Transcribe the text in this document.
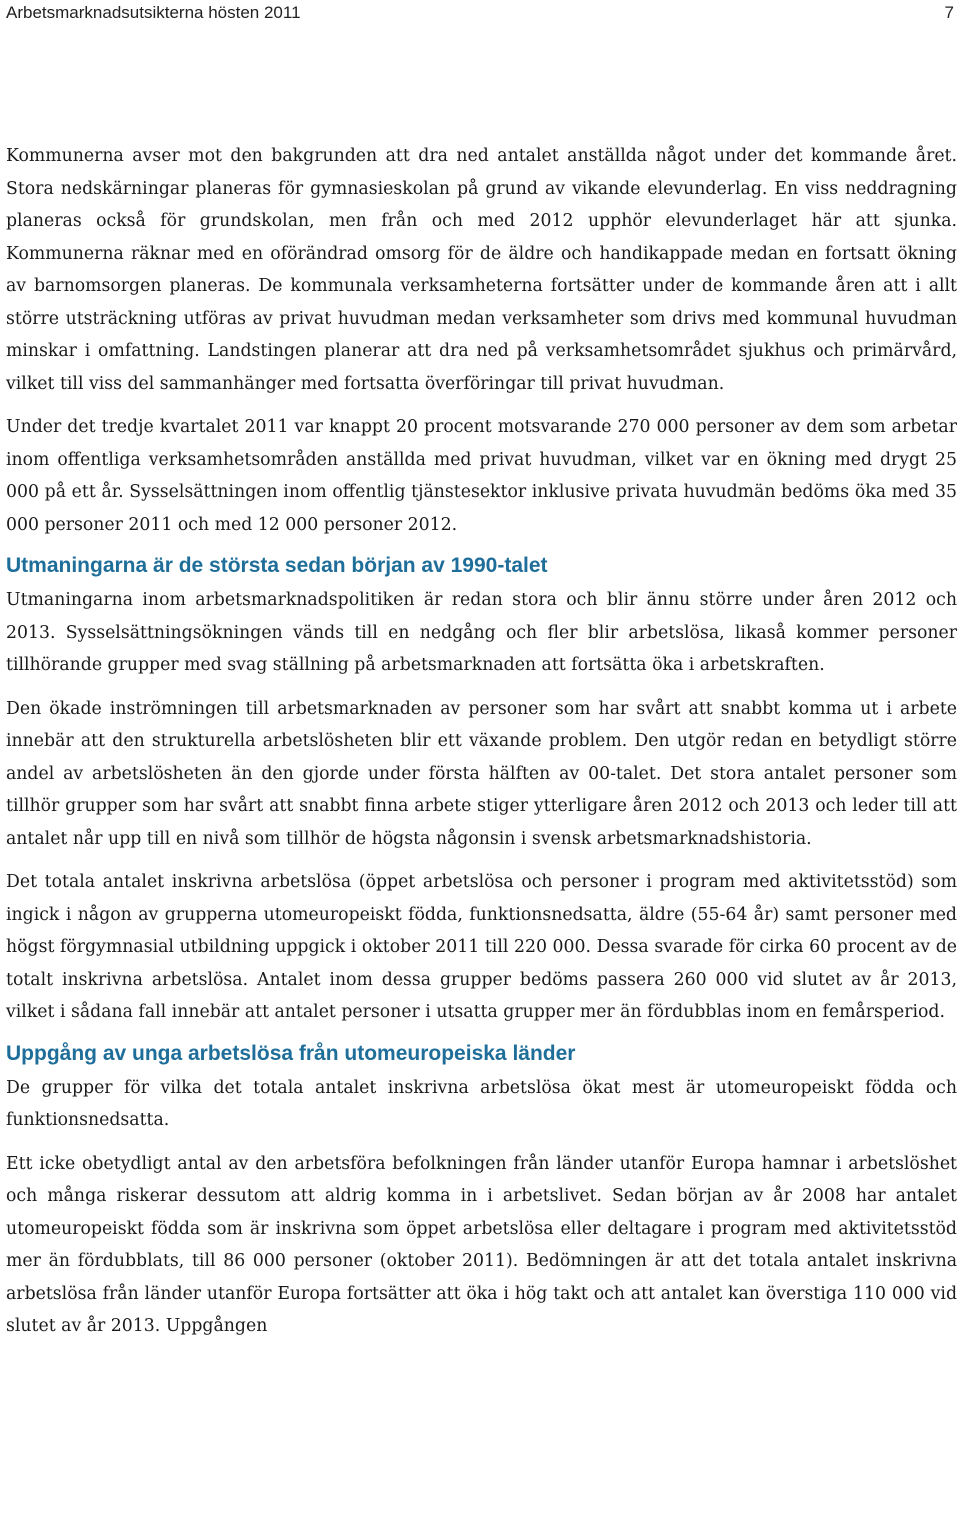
Arbetsmarknadsutsikterna hösten 2011	7

Kommunerna avser mot den bakgrunden att dra ned antalet anställda något under det kommande året. Stora nedskärningar planeras för gymnasieskolan på grund av vikande elevunderlag. En viss neddragning planeras också för grundskolan, men från och med 2012 upphör elevunderlaget här att sjunka. Kommunerna räknar med en oförändrad omsorg för de äldre och handikappade medan en fortsatt ökning av barnomsorgen planeras. De kommunala verksamheterna fortsätter under de kommande åren att i allt större utsträckning utföras av privat huvudman medan verksamheter som drivs med kommunal huvudman minskar i omfattning. Landstingen planerar att dra ned på verksamhetsområdet sjukhus och primärvård, vilket till viss del sammanhänger med fortsatta överföringar till privat huvudman.

Under det tredje kvartalet 2011 var knappt 20 procent motsvarande 270 000 personer av dem som arbetar inom offentliga verksamhetsområden anställda med privat huvudman, vilket var en ökning med drygt 25 000 på ett år. Sysselsättningen inom offentlig tjänstesektor inklusive privata huvudmän bedöms öka med 35 000 personer 2011 och med 12 000 personer 2012.

Utmaningarna är de största sedan början av 1990-talet

Utmaningarna inom arbetsmarknadspolitiken är redan stora och blir ännu större under åren 2012 och 2013. Sysselsättningsökningen vänds till en nedgång och fler blir arbetslösa, likaså kommer personer tillhörande grupper med svag ställning på arbetsmarknaden att fortsätta öka i arbetskraften.

Den ökade inströmningen till arbetsmarknaden av personer som har svårt att snabbt komma ut i arbete innebär att den strukturella arbetslösheten blir ett växande problem. Den utgör redan en betydligt större andel av arbetslösheten än den gjorde under första hälften av 00-talet. Det stora antalet personer som tillhör grupper som har svårt att snabbt finna arbete stiger ytterligare åren 2012 och 2013 och leder till att antalet når upp till en nivå som tillhör de högsta någonsin i svensk arbetsmarknadshistoria.

Det totala antalet inskrivna arbetslösa (öppet arbetslösa och personer i program med aktivitetsstöd) som ingick i någon av grupperna utomeuropeiskt födda, funktionsnedsatta, äldre (55-64 år) samt personer med högst förgymnasial utbildning uppgick i oktober 2011 till 220 000. Dessa svarade för cirka 60 procent av de totalt inskrivna arbetslösa. Antalet inom dessa grupper bedöms passera 260 000 vid slutet av år 2013, vilket i sådana fall innebär att antalet personer i utsatta grupper mer än fördubblas inom en femårsperiod.

Uppgång av unga arbetslösa från utomeuropeiska länder

De grupper för vilka det totala antalet inskrivna arbetslösa ökat mest är utomeuropeiskt födda och funktionsnedsatta.

Ett icke obetydligt antal av den arbetsföra befolkningen från länder utanför Europa hamnar i arbetslöshet och många riskerar dessutom att aldrig komma in i arbetslivet. Sedan början av år 2008 har antalet utomeuropeiskt födda som är inskrivna som öppet arbetslösa eller deltagare i program med aktivitetsstöd mer än fördubblats, till 86 000 personer (oktober 2011). Bedömningen är att det totala antalet inskrivna arbetslösa från länder utanför Europa fortsätter att öka i hög takt och att antalet kan överstiga 110 000 vid slutet av år 2013. Uppgången
